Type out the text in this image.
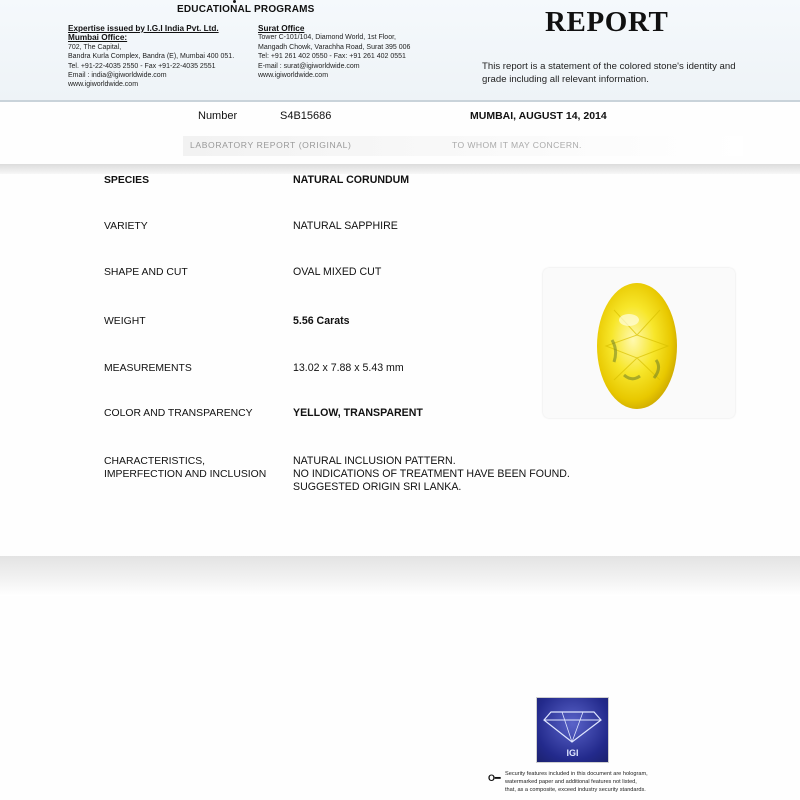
EDUCATIONAL PROGRAMS
Expertise issued by I.G.I India Pvt. Ltd.
Mumbai Office:
702, The Capital,
Bandra Kurla Complex, Bandra (E), Mumbai 400 051.
Tel. +91-22-4035 2550 - Fax +91-22-4035 2551
Email : india@igiworldwide.com
www.igiworldwide.com
Surat Office
Tower C-101/104, Diamond World, 1st Floor,
Mangadh Chowk, Varachha Road, Surat 395 006
Tel: +91 261 402 0550 - Fax: +91 261 402 0551
E-mail : surat@igiworldwide.com
www.igiworldwide.com
REPORT
This report is a statement of the colored stone's identity and grade including all relevant information.
Number	S4B15686	MUMBAI, AUGUST 14, 2014
LABORATORY REPORT (ORIGINAL)	TO WHOM IT MAY CONCERN.
SPECIES	NATURAL CORUNDUM
VARIETY	NATURAL SAPPHIRE
SHAPE AND CUT	OVAL MIXED CUT
WEIGHT	5.56 Carats
MEASUREMENTS	13.02 x 7.88 x 5.43 mm
COLOR AND TRANSPARENCY	YELLOW, TRANSPARENT
CHARACTERISTICS,
IMPERFECTION AND INCLUSION
NATURAL INCLUSION PATTERN.
NO INDICATIONS OF TREATMENT HAVE BEEN FOUND.
SUGGESTED ORIGIN SRI LANKA.
IGI
O━ Security features included in this document are hologram,
watermarked paper and additional features not listed,
that, as a composite, exceed industry security standards.
